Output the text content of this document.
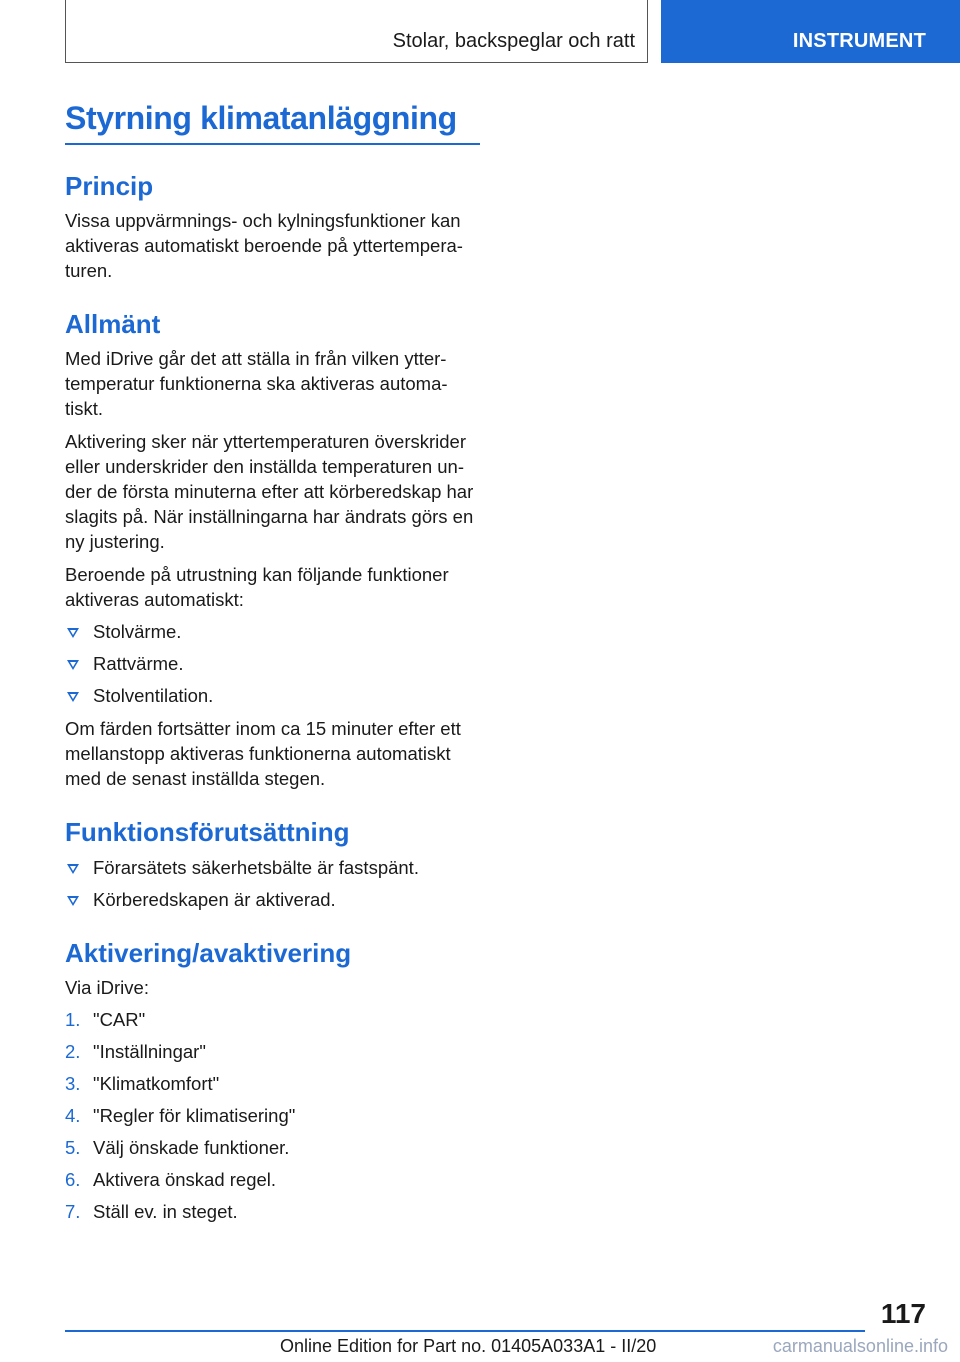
Stolar, backspeglar och ratt	INSTRUMENT
Styrning klimatanläggning
Princip

Vissa uppvärmnings- och kylningsfunktioner kan aktiveras automatiskt beroende på yttertempera-turen.

Allmänt

Med iDrive går det att ställa in från vilken ytter-temperatur funktionerna ska aktiveras automa-tiskt.

Aktivering sker när yttertemperaturen överskrider eller underskrider den inställda temperaturen un-der de första minuterna efter att körberedskap har slagits på. När inställningarna har ändrats görs en ny justering.

Beroende på utrustning kan följande funktioner aktiveras automatiskt:

Stolvärme.
Rattvärme.
Stolventilation.

Om färden fortsätter inom ca 15 minuter efter ett mellanstopp aktiveras funktionerna automatiskt med de senast inställda stegen.

Funktionsförutsättning
Förarsätets säkerhetsbälte är fastspänt.
Körberedskapen är aktiverad.
Aktivering/avaktivering

Via iDrive:

1. "CAR"
2. "Inställningar"
3. "Klimatkomfort"
4. "Regler för klimatisering"
5. Välj önskade funktioner.
6. Aktivera önskad regel.
7. Ställ ev. in steget.
117
Online Edition for Part no. 01405A033A1 - II/20	carmanualsonline.info
